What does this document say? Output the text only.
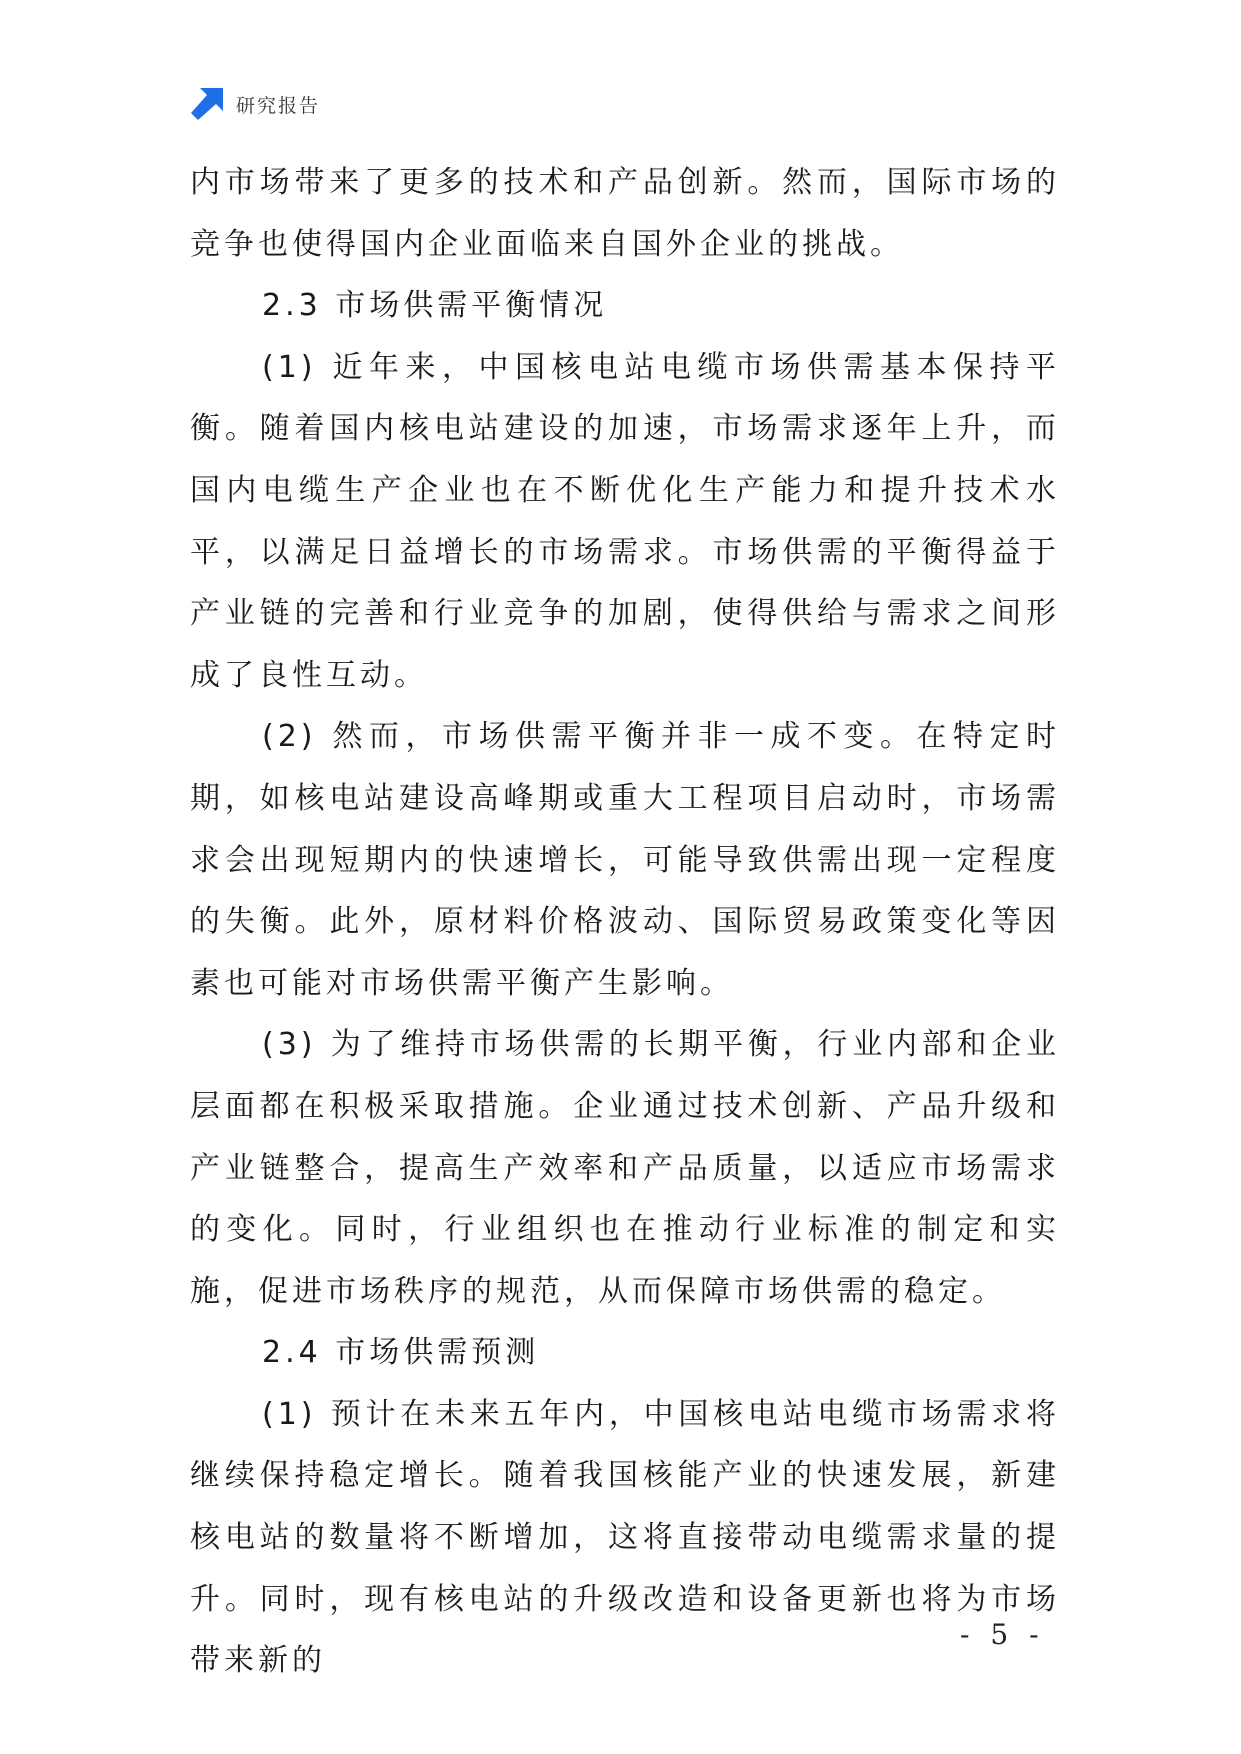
研究报告

内市场带来了更多的技术和产品创新。然而，国际市场的竞争也使得国内企业面临来自国外企业的挑战。

2.3 市场供需平衡情况

(1) 近年来，中国核电站电缆市场供需基本保持平衡。随着国内核电站建设的加速，市场需求逐年上升，而国内电缆生产企业也在不断优化生产能力和提升技术水平，以满足日益增长的市场需求。市场供需的平衡得益于产业链的完善和行业竞争的加剧，使得供给与需求之间形成了良性互动。

(2) 然而，市场供需平衡并非一成不变。在特定时期，如核电站建设高峰期或重大工程项目启动时，市场需求会出现短期内的快速增长，可能导致供需出现一定程度的失衡。此外，原材料价格波动、国际贸易政策变化等因素也可能对市场供需平衡产生影响。

(3) 为了维持市场供需的长期平衡，行业内部和企业层面都在积极采取措施。企业通过技术创新、产品升级和产业链整合，提高生产效率和产品质量，以适应市场需求的变化。同时，行业组织也在推动行业标准的制定和实施，促进市场秩序的规范，从而保障市场供需的稳定。

2.4 市场供需预测

(1) 预计在未来五年内，中国核电站电缆市场需求将继续保持稳定增长。随着我国核能产业的快速发展，新建核电站的数量将不断增加，这将直接带动电缆需求量的提升。同时，现有核电站的升级改造和设备更新也将为市场带来新的

- 5 -
